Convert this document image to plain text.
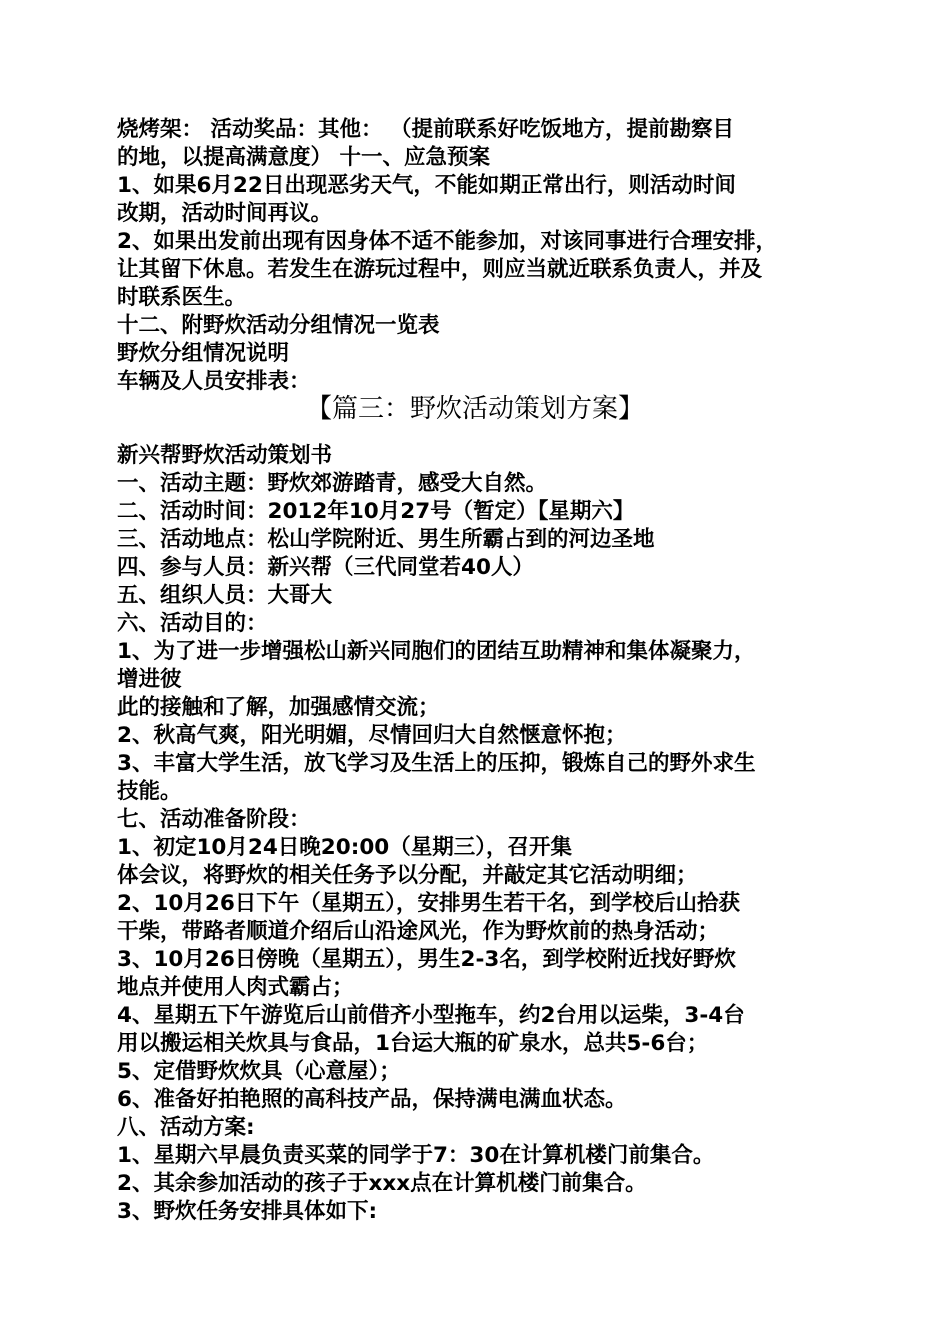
烧烤架： 活动奖品：其他： （提前联系好吃饭地方，提前勘察目
的地，以提高满意度） 十一、应急预案
1、如果6月22日出现恶劣天气，不能如期正常出行，则活动时间
改期，活动时间再议。
2、如果出发前出现有因身体不适不能参加，对该同事进行合理安排，
让其留下休息。若发生在游玩过程中，则应当就近联系负责人，并及
时联系医生。
十二、附野炊活动分组情况一览表
野炊分组情况说明
车辆及人员安排表：
【篇三：野炊活动策划方案】
新兴帮野炊活动策划书
一、活动主题：野炊郊游踏青，感受大自然。
二、活动时间：2012年10月27号（暂定）【星期六】
三、活动地点：松山学院附近、男生所霸占到的河边圣地
四、参与人员：新兴帮（三代同堂若40人）
五、组织人员：大哥大
六、活动目的：
1、为了进一步增强松山新兴同胞们的团结互助精神和集体凝聚力，
增进彼
此的接触和了解，加强感情交流；
2、秋高气爽，阳光明媚，尽情回归大自然惬意怀抱；
3、丰富大学生活，放飞学习及生活上的压抑，锻炼自己的野外求生
技能。
七、活动准备阶段：
1、初定10月24日晚20:00（星期三），召开集
体会议，将野炊的相关任务予以分配，并敲定其它活动明细；
2、10月26日下午（星期五），安排男生若干名，到学校后山拾获
干柴，带路者顺道介绍后山沿途风光，作为野炊前的热身活动；
3、10月26日傍晚（星期五），男生2-3名，到学校附近找好野炊
地点并使用人肉式霸占；
4、星期五下午游览后山前借齐小型拖车，约2台用以运柴，3-4台
用以搬运相关炊具与食品，1台运大瓶的矿泉水，总共5-6台；
5、定借野炊炊具（心意屋）；
6、准备好拍艳照的高科技产品，保持满电满血状态。
八、活动方案:
1、星期六早晨负责买菜的同学于7：30在计算机楼门前集合。
2、其余参加活动的孩子于xxx点在计算机楼门前集合。
3、野炊任务安排具体如下:
